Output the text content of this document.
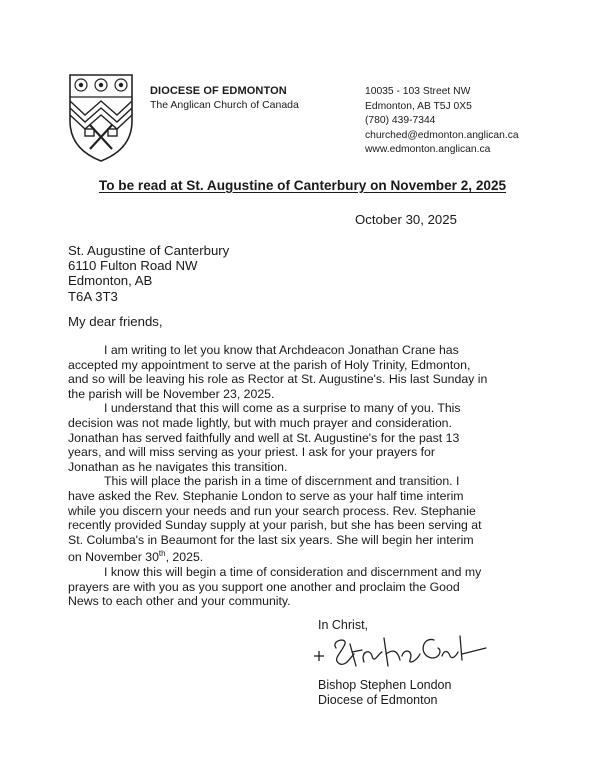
DIOCESE OF EDMONTON
The Anglican Church of Canada
10035 - 103 Street NW
Edmonton, AB T5J 0X5
(780) 439-7344
churched@edmonton.anglican.ca
www.edmonton.anglican.ca
To be read at St. Augustine of Canterbury on November 2, 2025
October 30, 2025
St. Augustine of Canterbury
6110 Fulton Road NW
Edmonton, AB
T6A 3T3
My dear friends,

I am writing to let you know that Archdeacon Jonathan Crane has
accepted my appointment to serve at the parish of Holy Trinity, Edmonton,
and so will be leaving his role as Rector at St. Augustine's. His last Sunday in
the parish will be November 23, 2025.

I understand that this will come as a surprise to many of you. This
decision was not made lightly, but with much prayer and consideration.
Jonathan has served faithfully and well at St. Augustine's for the past 13
years, and will miss serving as your priest. I ask for your prayers for
Jonathan as he navigates this transition.

This will place the parish in a time of discernment and transition. I
have asked the Rev. Stephanie London to serve as your half time interim
while you discern your needs and run your search process. Rev. Stephanie
recently provided Sunday supply at your parish, but she has been serving at
St. Columba's in Beaumont for the last six years. She will begin her interim
on November 30th, 2025.

I know this will begin a time of consideration and discernment and my
prayers are with you as you support one another and proclaim the Good
News to each other and your community.

In Christ,
Bishop Stephen London
Diocese of Edmonton
